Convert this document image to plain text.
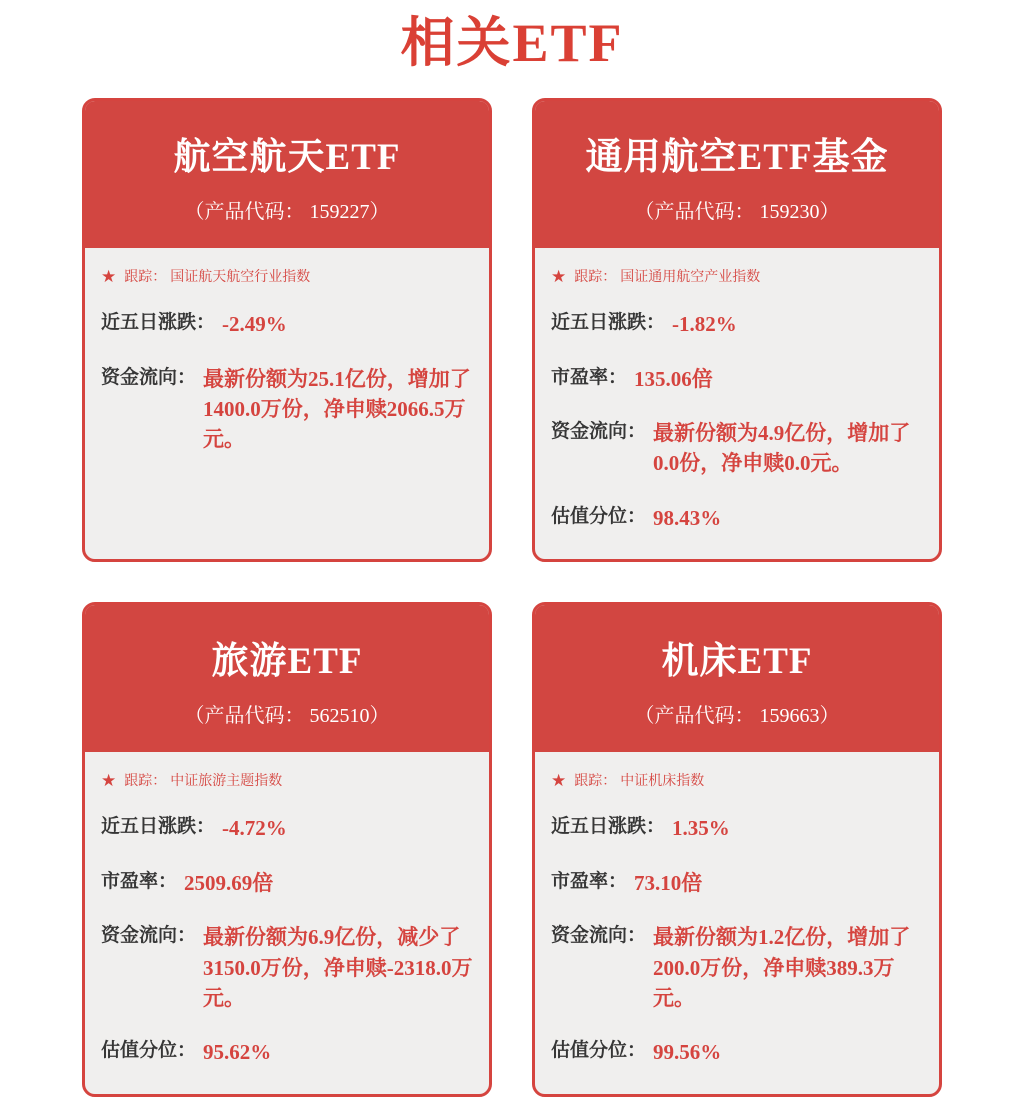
相关ETF
航空航天ETF
（产品代码： 159227）
★ 跟踪： 国证航天航空行业指数
近五日涨跌： -2.49%
资金流向： 最新份额为25.1亿份，增加了1400.0万份，净申赎2066.5万元。
通用航空ETF基金
（产品代码： 159230）
★ 跟踪： 国证通用航空产业指数
近五日涨跌： -1.82%
市盈率： 135.06倍
资金流向： 最新份额为4.9亿份，增加了0.0份，净申赎0.0元。
估值分位： 98.43%
旅游ETF
（产品代码： 562510）
★ 跟踪： 中证旅游主题指数
近五日涨跌： -4.72%
市盈率： 2509.69倍
资金流向： 最新份额为6.9亿份，减少了3150.0万份，净申赎-2318.0万元。
估值分位： 95.62%
机床ETF
（产品代码： 159663）
★ 跟踪： 中证机床指数
近五日涨跌： 1.35%
市盈率： 73.10倍
资金流向： 最新份额为1.2亿份，增加了200.0万份，净申赎389.3万元。
估值分位： 99.56%
